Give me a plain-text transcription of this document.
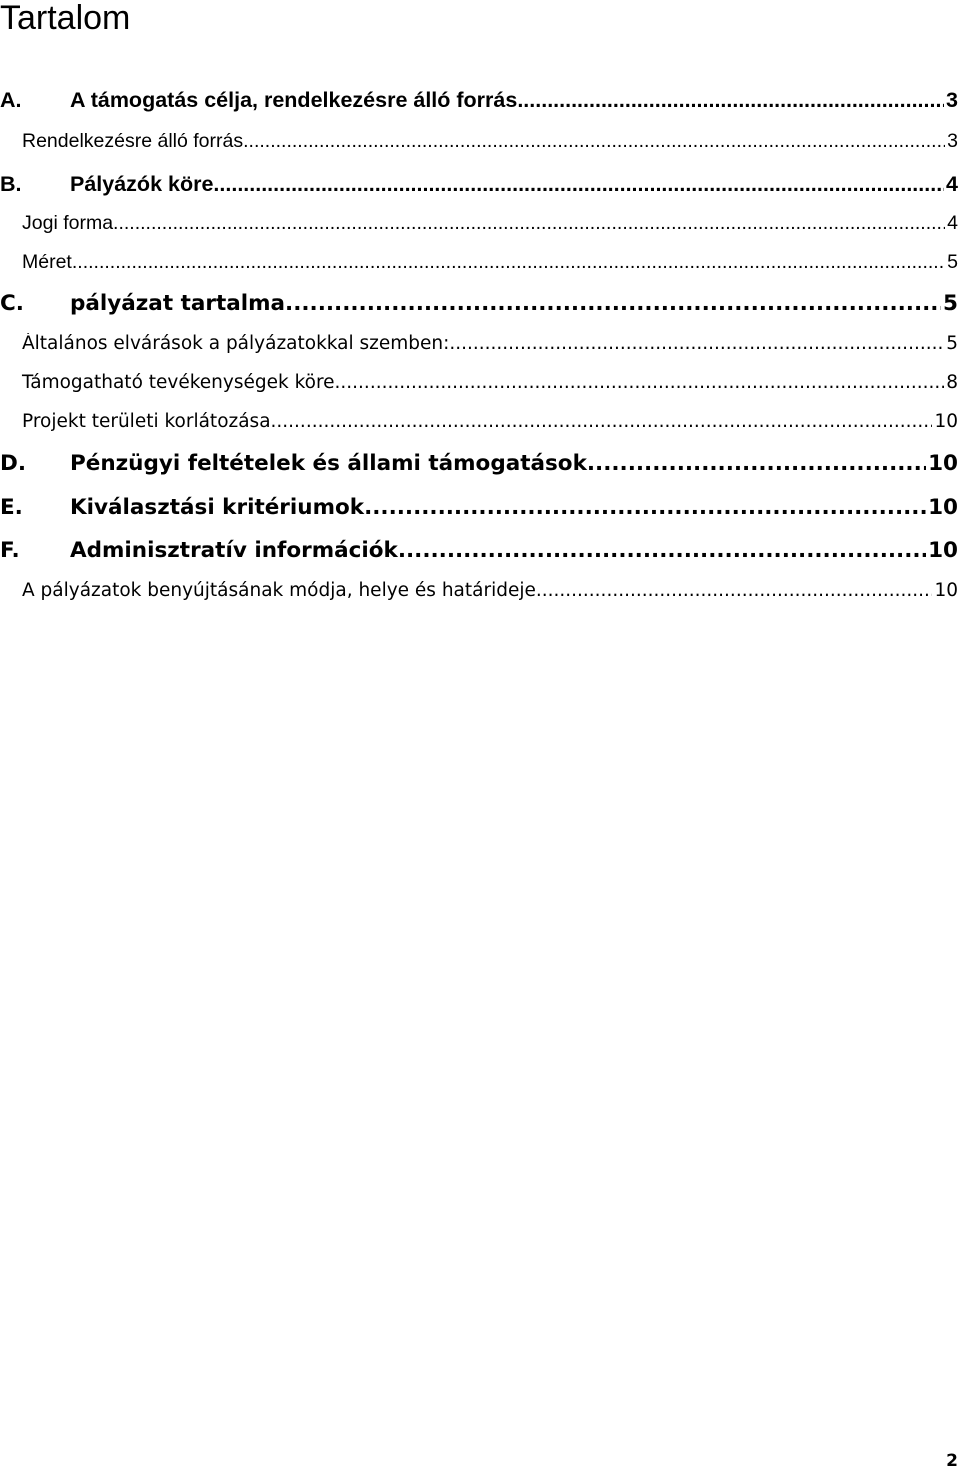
Tartalom
A.	A támogatás célja, rendelkezésre álló forrás .....	3
Rendelkezésre álló forrás .....	3
B.	Pályázók köre .....	4
Jogi forma .....	4
Méret .....	5
C.	pályázat tartalma .....	5
Általános elvárások a pályázatokkal szemben: .....	5
Támogatható tevékenységek köre .....	8
Projekt területi korlátozása .....	10
D.	Pénzügyi feltételek és állami támogatások .....	10
E.	Kiválasztási kritériumok .....	10
F.	Adminisztratív információk .....	10
A pályázatok benyújtásának módja, helye és határideje .....	10
2
